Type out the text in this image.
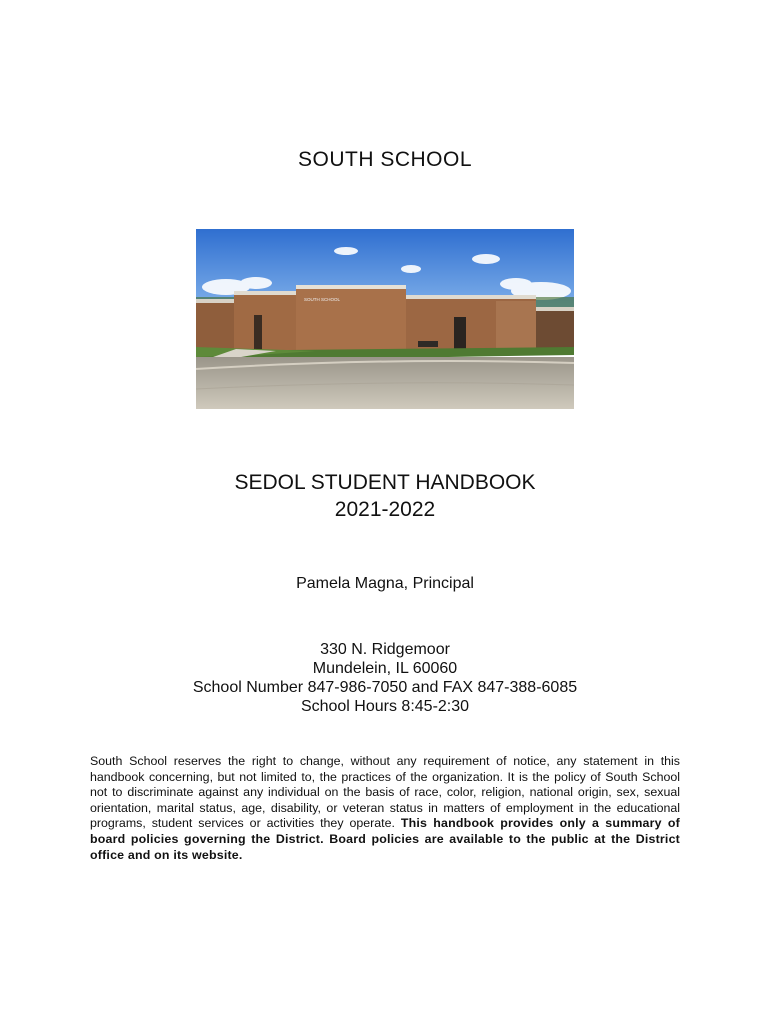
SOUTH SCHOOL
SOUTH SCHOOL
SEDOL STUDENT HANDBOOK
2021-2022
Pamela Magna, Principal
330 N. Ridgemoor
Mundelein, IL 60060
School Number 847-986-7050 and FAX 847-388-6085
School Hours 8:45-2:30
South School reserves the right to change, without any requirement of notice, any statement in this handbook concerning, but not limited to, the practices of the organization. It is the policy of South School not to discriminate against any individual on the basis of race, color, religion, national origin, sex, sexual orientation, marital status, age, disability, or veteran status in matters of employment in the educational programs, student services or activities they operate. This handbook provides only a summary of board policies governing the District. Board policies are available to the public at the District office and on its website.
